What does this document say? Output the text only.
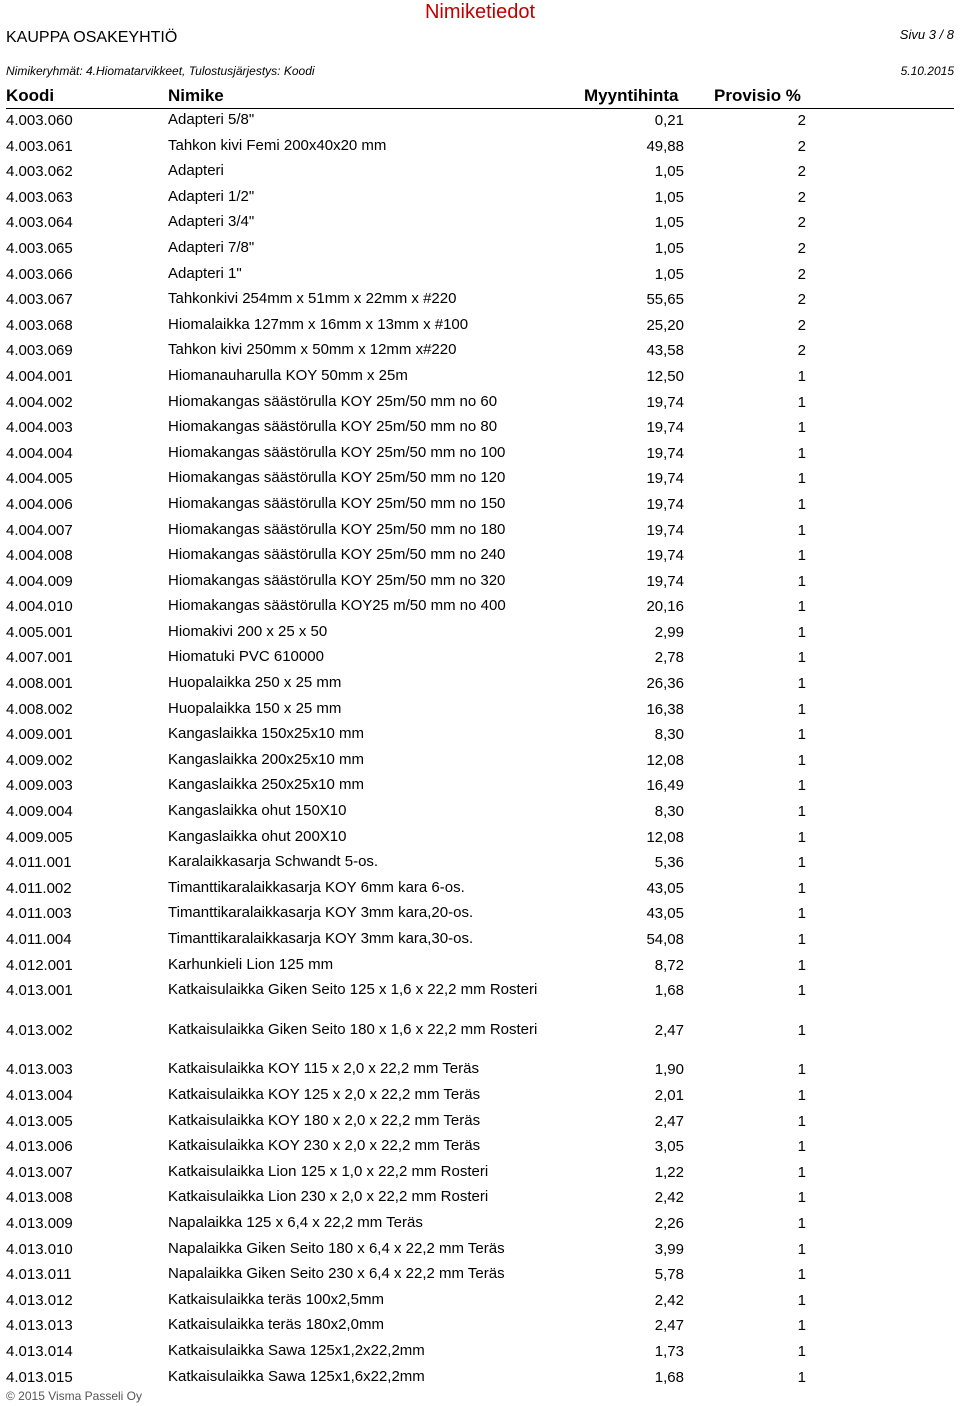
Nimiketiedot
KAUPPA OSAKEYHTIÖ	Sivu 3 / 8
Nimikeryhmät: 4.Hiomatarvikkeet, Tulostusjärjestys: Koodi	5.10.2015
Koodi	Nimike	Myyntihinta Provisio %
4.003.060	Adapteri 5/8"	0,21	2
4.003.061	Tahkon kivi Femi 200x40x20 mm	49,88	2
4.003.062	Adapteri	1,05	2
4.003.063	Adapteri 1/2"	1,05	2
4.003.064	Adapteri 3/4"	1,05	2
4.003.065	Adapteri 7/8"	1,05	2
4.003.066	Adapteri 1"	1,05	2
4.003.067	Tahkonkivi 254mm x 51mm x 22mm x #220	55,65	2
4.003.068	Hiomalaikka 127mm x 16mm x 13mm x #100	25,20	2
4.003.069	Tahkon kivi 250mm x 50mm x 12mm x#220	43,58	2
4.004.001	Hiomanauharulla KOY 50mm x 25m	12,50	1
4.004.002	Hiomakangas säästörulla KOY 25m/50 mm no 60	19,74	1
4.004.003	Hiomakangas säästörulla KOY 25m/50 mm no 80	19,74	1
4.004.004	Hiomakangas säästörulla KOY 25m/50 mm no 100	19,74	1
4.004.005	Hiomakangas säästörulla KOY 25m/50 mm no 120	19,74	1
4.004.006	Hiomakangas säästörulla KOY 25m/50 mm no 150	19,74	1
4.004.007	Hiomakangas säästörulla KOY 25m/50 mm no 180	19,74	1
4.004.008	Hiomakangas säästörulla KOY 25m/50 mm no 240	19,74	1
4.004.009	Hiomakangas säästörulla KOY 25m/50 mm no 320	19,74	1
4.004.010	Hiomakangas säästörulla KOY25 m/50 mm no 400	20,16	1
4.005.001	Hiomakivi 200 x 25 x 50	2,99	1
4.007.001	Hiomatuki PVC 610000	2,78	1
4.008.001	Huopalaikka 250 x 25 mm	26,36	1
4.008.002	Huopalaikka 150 x 25 mm	16,38	1
4.009.001	Kangaslaikka 150x25x10 mm	8,30	1
4.009.002	Kangaslaikka 200x25x10 mm	12,08	1
4.009.003	Kangaslaikka 250x25x10 mm	16,49	1
4.009.004	Kangaslaikka ohut 150X10	8,30	1
4.009.005	Kangaslaikka ohut 200X10	12,08	1
4.011.001	Karalaikkasarja Schwandt 5-os.	5,36	1
4.011.002	Timanttikaralaikkasarja KOY 6mm kara 6-os.	43,05	1
4.011.003	Timanttikaralaikkasarja KOY 3mm kara,20-os.	43,05	1
4.011.004	Timanttikaralaikkasarja KOY 3mm kara,30-os.	54,08	1
4.012.001	Karhunkieli Lion 125 mm	8,72	1
4.013.001	Katkaisulaikka Giken Seito 125 x 1,6 x 22,2 mm Rosteri	1,68	1
4.013.002	Katkaisulaikka Giken Seito 180 x 1,6 x 22,2 mm Rosteri	2,47	1
4.013.003	Katkaisulaikka KOY 115 x 2,0 x 22,2 mm Teräs	1,90	1
4.013.004	Katkaisulaikka KOY 125 x 2,0 x 22,2 mm Teräs	2,01	1
4.013.005	Katkaisulaikka KOY 180 x 2,0 x 22,2 mm Teräs	2,47	1
4.013.006	Katkaisulaikka KOY 230 x 2,0 x 22,2 mm Teräs	3,05	1
4.013.007	Katkaisulaikka Lion 125 x 1,0 x 22,2 mm Rosteri	1,22	1
4.013.008	Katkaisulaikka Lion 230 x 2,0 x 22,2 mm Rosteri	2,42	1
4.013.009	Napalaikka 125 x 6,4 x 22,2 mm Teräs	2,26	1
4.013.010	Napalaikka Giken Seito 180 x 6,4 x 22,2 mm Teräs	3,99	1
4.013.011	Napalaikka Giken Seito 230 x 6,4 x 22,2 mm Teräs	5,78	1
4.013.012	Katkaisulaikka teräs 100x2,5mm	2,42	1
4.013.013	Katkaisulaikka teräs 180x2,0mm	2,47	1
4.013.014	Katkaisulaikka Sawa 125x1,2x22,2mm	1,73	1
4.013.015	Katkaisulaikka Sawa 125x1,6x22,2mm	1,68	1
© 2015 Visma Passeli Oy
